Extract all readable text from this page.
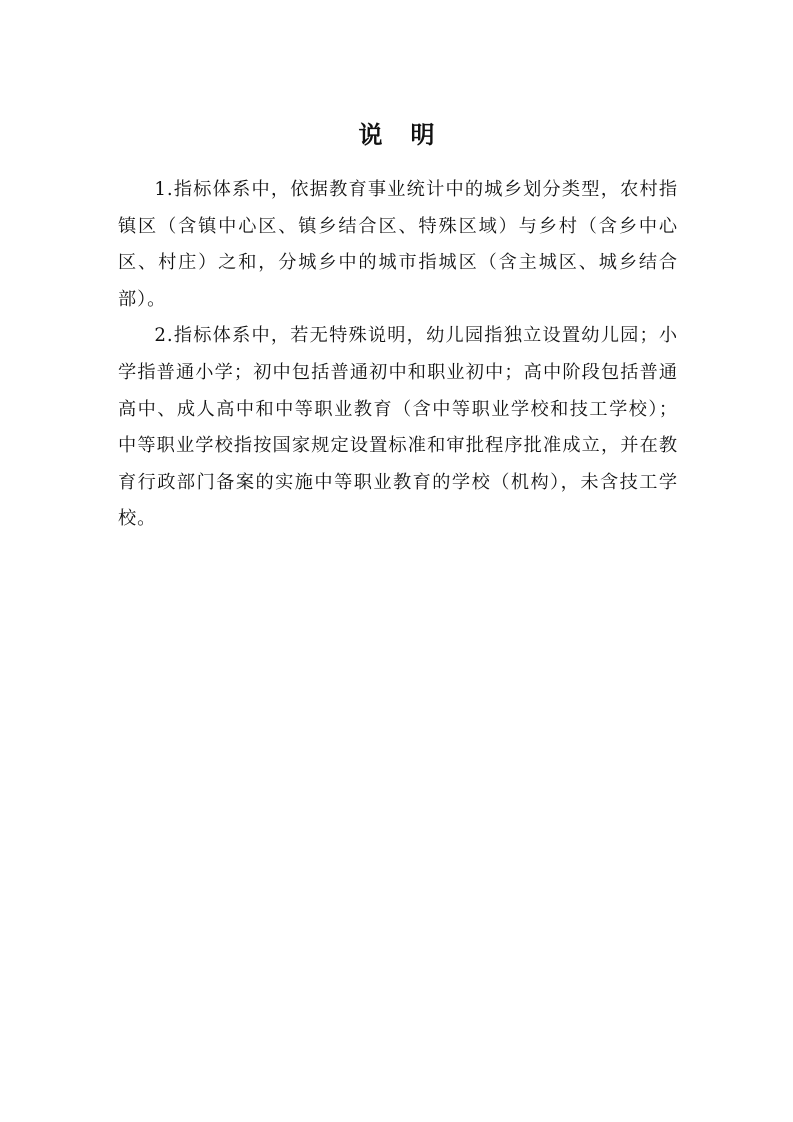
说 明

1.指标体系中，依据教育事业统计中的城乡划分类型，农村指镇区（含镇中心区、镇乡结合区、特殊区域）与乡村（含乡中心区、村庄）之和，分城乡中的城市指城区（含主城区、城乡结合部）。

2.指标体系中，若无特殊说明，幼儿园指独立设置幼儿园；小学指普通小学；初中包括普通初中和职业初中；高中阶段包括普通高中、成人高中和中等职业教育（含中等职业学校和技工学校）；中等职业学校指按国家规定设置标准和审批程序批准成立，并在教育行政部门备案的实施中等职业教育的学校（机构），未含技工学校。
